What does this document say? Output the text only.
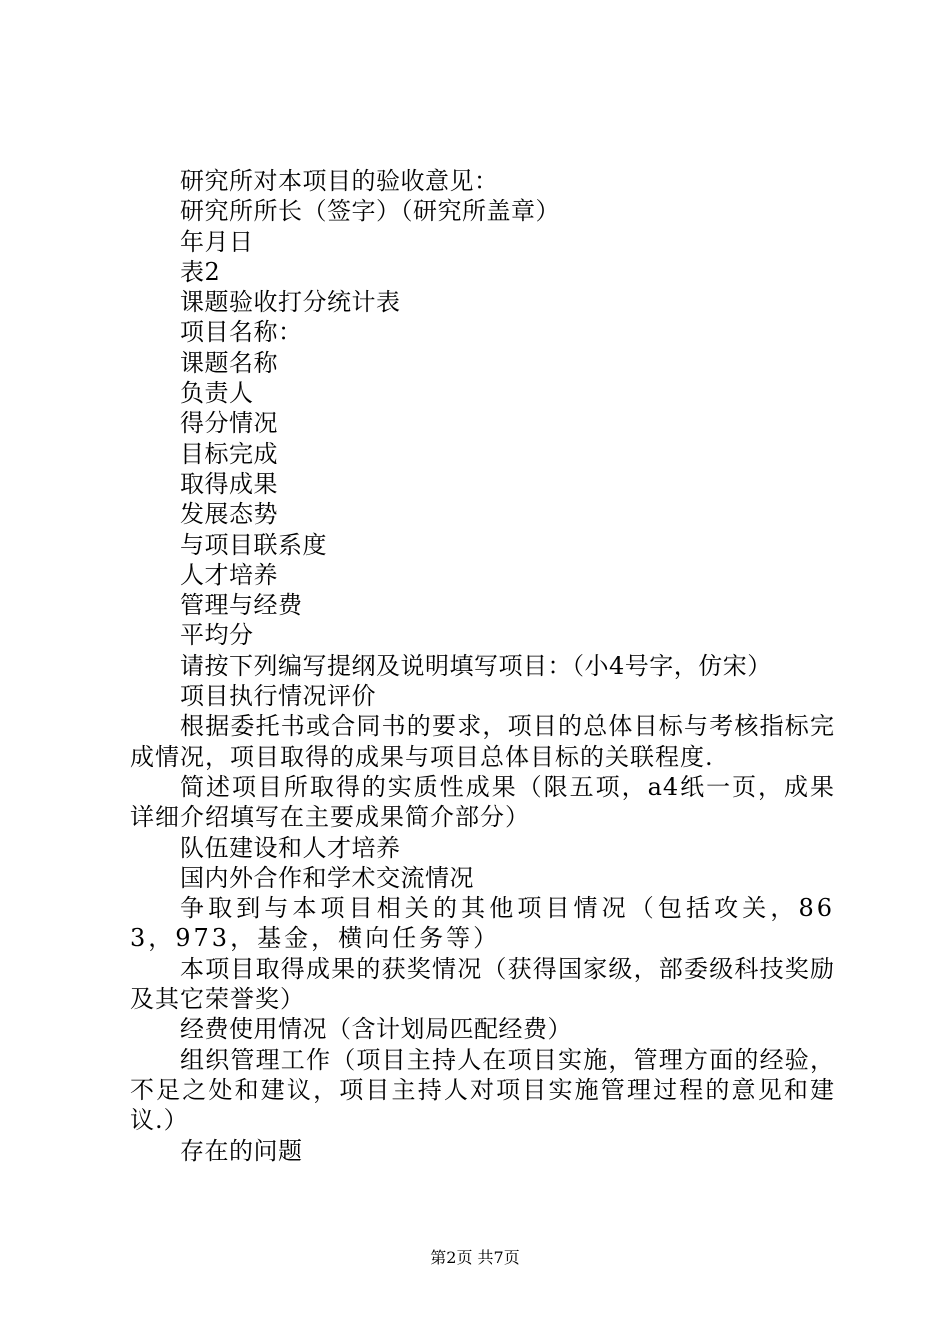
研究所对本项目的验收意见：
研究所所长（签字）（研究所盖章）
年月日
表2
课题验收打分统计表
项目名称：
课题名称
负责人
得分情况
目标完成
取得成果
发展态势
与项目联系度
人才培养
管理与经费
平均分
请按下列编写提纲及说明填写项目：（小4号字，仿宋）
项目执行情况评价
根据委托书或合同书的要求，项目的总体目标与考核指标完成情况，项目取得的成果与项目总体目标的关联程度.
简述项目所取得的实质性成果（限五项，a4纸一页，成果详细介绍填写在主要成果简介部分）
队伍建设和人才培养
国内外合作和学术交流情况
争取到与本项目相关的其他项目情况（包括攻关，863，973，基金，横向任务等）
本项目取得成果的获奖情况（获得国家级，部委级科技奖励及其它荣誉奖）
经费使用情况（含计划局匹配经费）
组织管理工作（项目主持人在项目实施，管理方面的经验，不足之处和建议，项目主持人对项目实施管理过程的意见和建议.）
存在的问题
第2页 共7页
